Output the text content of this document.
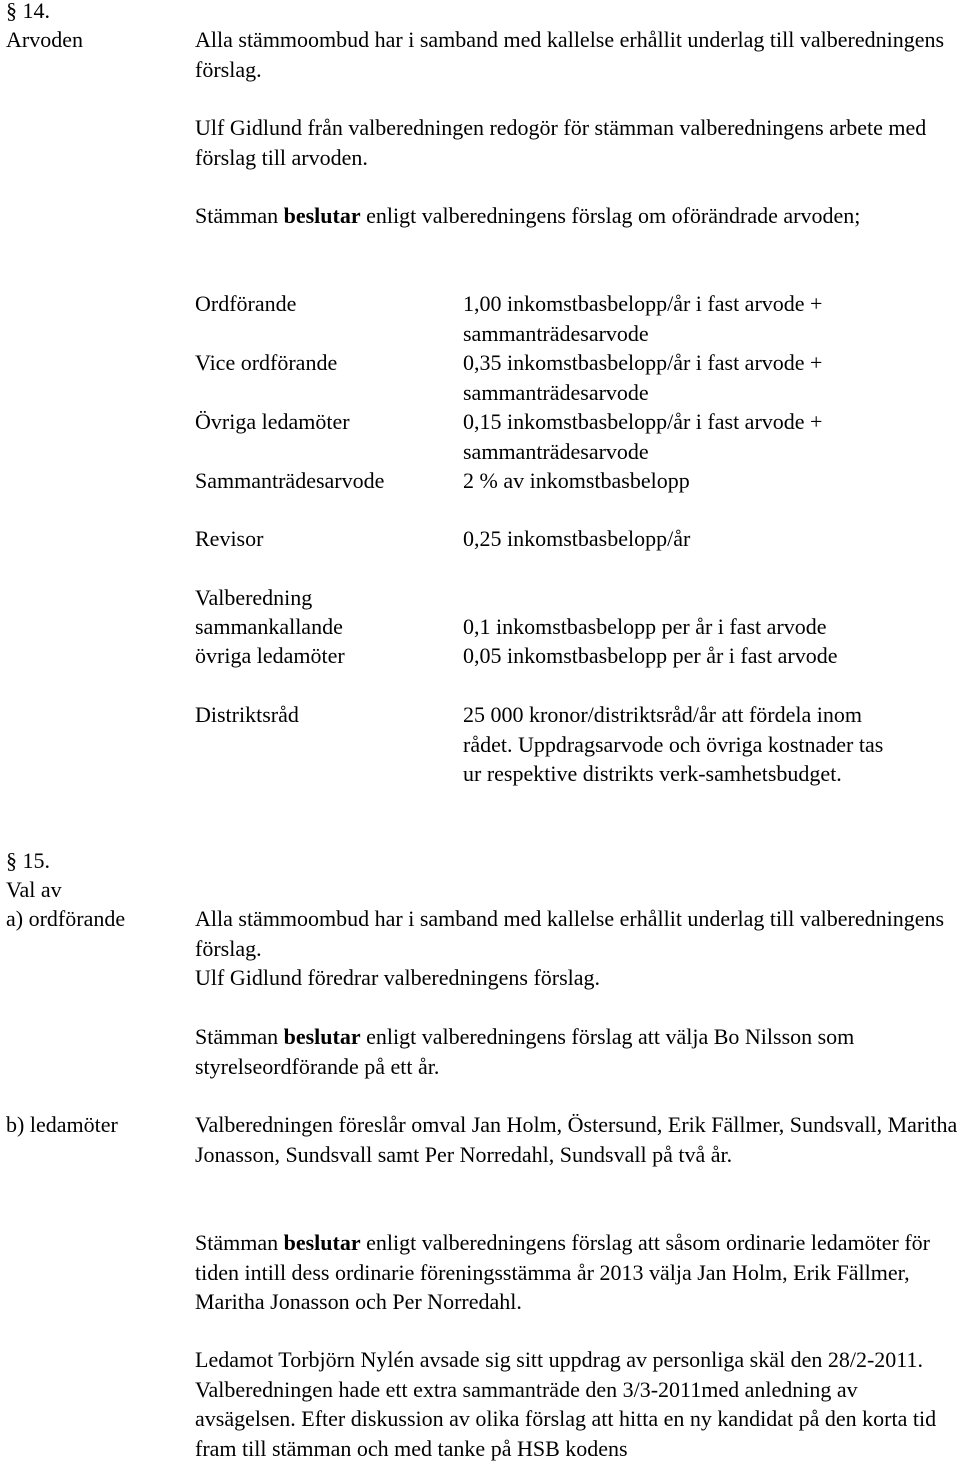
§ 14.
Arvoden	Alla stämmoombud har i samband med kallelse erhållit underlag till valberedningens förslag.
Ulf Gidlund från valberedningen redogör för stämman valberedningens arbete med förslag till arvoden.
Stämman beslutar enligt valberedningens förslag om oförändrade arvoden;
Ordförande	1,00 inkomstbasbelopp/år i fast arvode + sammanträdesarvode
Vice ordförande	0,35 inkomstbasbelopp/år i fast arvode + sammanträdesarvode
Övriga ledamöter	0,15 inkomstbasbelopp/år i fast arvode + sammanträdesarvode
Sammanträdesarvode	2 % av inkomstbasbelopp
Revisor	0,25 inkomstbasbelopp/år
Valberedning
sammankallande	0,1 inkomstbasbelopp per år i fast arvode
övriga ledamöter	0,05 inkomstbasbelopp per år i fast arvode
Distriktsråd	25 000 kronor/distriktsråd/år att fördela inom rådet. Uppdragsarvode och övriga kostnader tas ur respektive distrikts verk-samhetsbudget.
§ 15.
Val av
a) ordförande	Alla stämmoombud har i samband med kallelse erhållit underlag till valberedningens förslag.
Ulf Gidlund föredrar valberedningens förslag.
Stämman beslutar enligt valberedningens förslag att välja Bo Nilsson som styrelseordförande på ett år.
b) ledamöter	Valberedningen föreslår omval Jan Holm, Östersund, Erik Fällmer, Sundsvall, Maritha Jonasson, Sundsvall samt Per Norredahl, Sundsvall på två år.
Stämman beslutar enligt valberedningens förslag att såsom ordinarie ledamöter för tiden intill dess ordinarie föreningsstämma år 2013 välja Jan Holm, Erik Fällmer, Maritha Jonasson och Per Norredahl.
Ledamot Torbjörn Nylén avsade sig sitt uppdrag av personliga skäl den 28/2-2011. Valberedningen hade ett extra sammanträde den 3/3-2011med anledning av avsägelsen. Efter diskussion av olika förslag att hitta en ny kandidat på den korta tid fram till stämman och med tanke på HSB kodens
